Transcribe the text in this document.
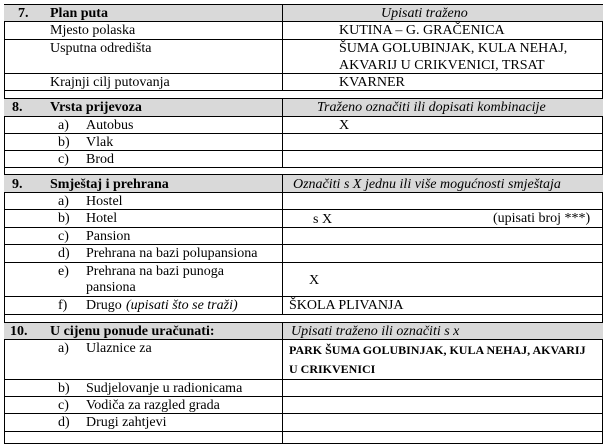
7. Plan puta	Upisati traženo
Mjesto polaska	KUTINA – G. GRAČENICA
Usputna odredišta	ŠUMA GOLUBINJAK, KULA NEHAJ,
AKVARIJ U CRIKVENICI, TRSAT
Krajnji cilj putovanja	KVARNER
8. Vrsta prijevoza	Traženo označiti ili dopisati kombinacije
a) Autobus	X
b) Vlak
c) Brod
9. Smještaj i prehrana	Označiti s X jednu ili više mogućnosti smještaja
a) Hostel
b) Hotel	s X	(upisati broj ***)
c) Pansion
d) Prehrana na bazi polupansiona
e) Prehrana na bazi punoga
pansiona	X
f) Drugo (upisati što se traži)	ŠKOLA PLIVANJA
10. U cijenu ponude uračunati:	Upisati traženo ili označiti s x
a) Ulaznice za	PARK ŠUMA GOLUBINJAK, KULA NEHAJ, AKVARIJ
U CRIKVENICI
b) Sudjelovanje u radionicama
c) Vodiča za razgled grada
d) Drugi zahtjevi
